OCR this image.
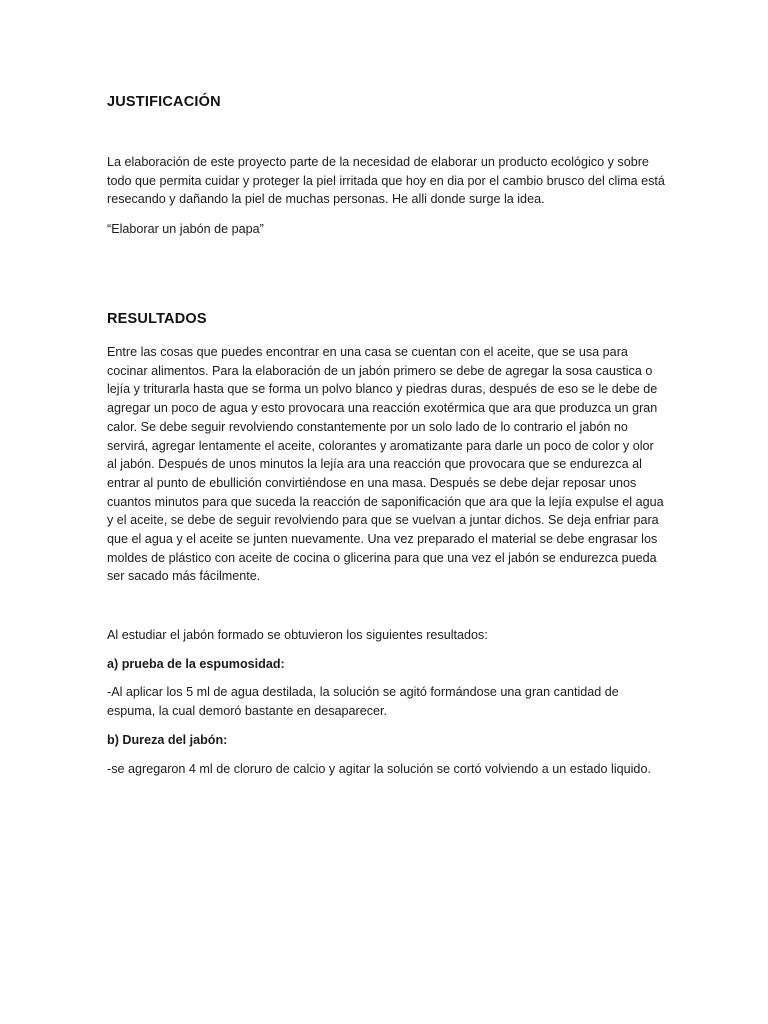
JUSTIFICACIÓN

La elaboración de este proyecto parte de la necesidad de elaborar un producto ecológico y sobre todo que permita cuidar y proteger la piel irritada que hoy en dia por el cambio brusco del clima está resecando y dañando la piel de muchas personas. He alli donde surge la idea.

“Elaborar un jabón de papa”

RESULTADOS

Entre las cosas que puedes encontrar en una casa se cuentan con el aceite, que se usa para cocinar alimentos. Para la elaboración de un jabón primero se debe de agregar la sosa caustica o lejía y triturarla hasta que se forma un polvo blanco y piedras duras, después de eso se le debe de agregar un poco de agua y esto provocara una reacción exotérmica que ara que produzca un gran calor. Se debe seguir revolviendo constantemente por un solo lado de lo contrario el jabón no servirá, agregar lentamente el aceite, colorantes y aromatizante para darle un poco de color y olor al jabón. Después de unos minutos la lejía ara una reacción que provocara que se endurezca al entrar al punto de ebullición convirtiéndose en una masa. Después se debe dejar reposar unos cuantos minutos para que suceda la reacción de saponificación que ara que la lejía expulse el agua y el aceite, se debe de seguir revolviendo para que se vuelvan a juntar dichos. Se deja enfriar para que el agua y el aceite se junten nuevamente. Una vez preparado el material se debe engrasar los moldes de plástico con aceite de cocina o glicerina para que una vez el jabón se endurezca pueda ser sacado más fácilmente.

Al estudiar el jabón formado se obtuvieron los siguientes resultados:

a) prueba de la espumosidad:

-Al aplicar los 5 ml de agua destilada, la solución se agitó formándose una gran cantidad de espuma, la cual demoró bastante en desaparecer.

b) Dureza del jabón:

-se agregaron 4 ml de cloruro de calcio y agitar la solución se cortó volviendo a un estado liquido.
